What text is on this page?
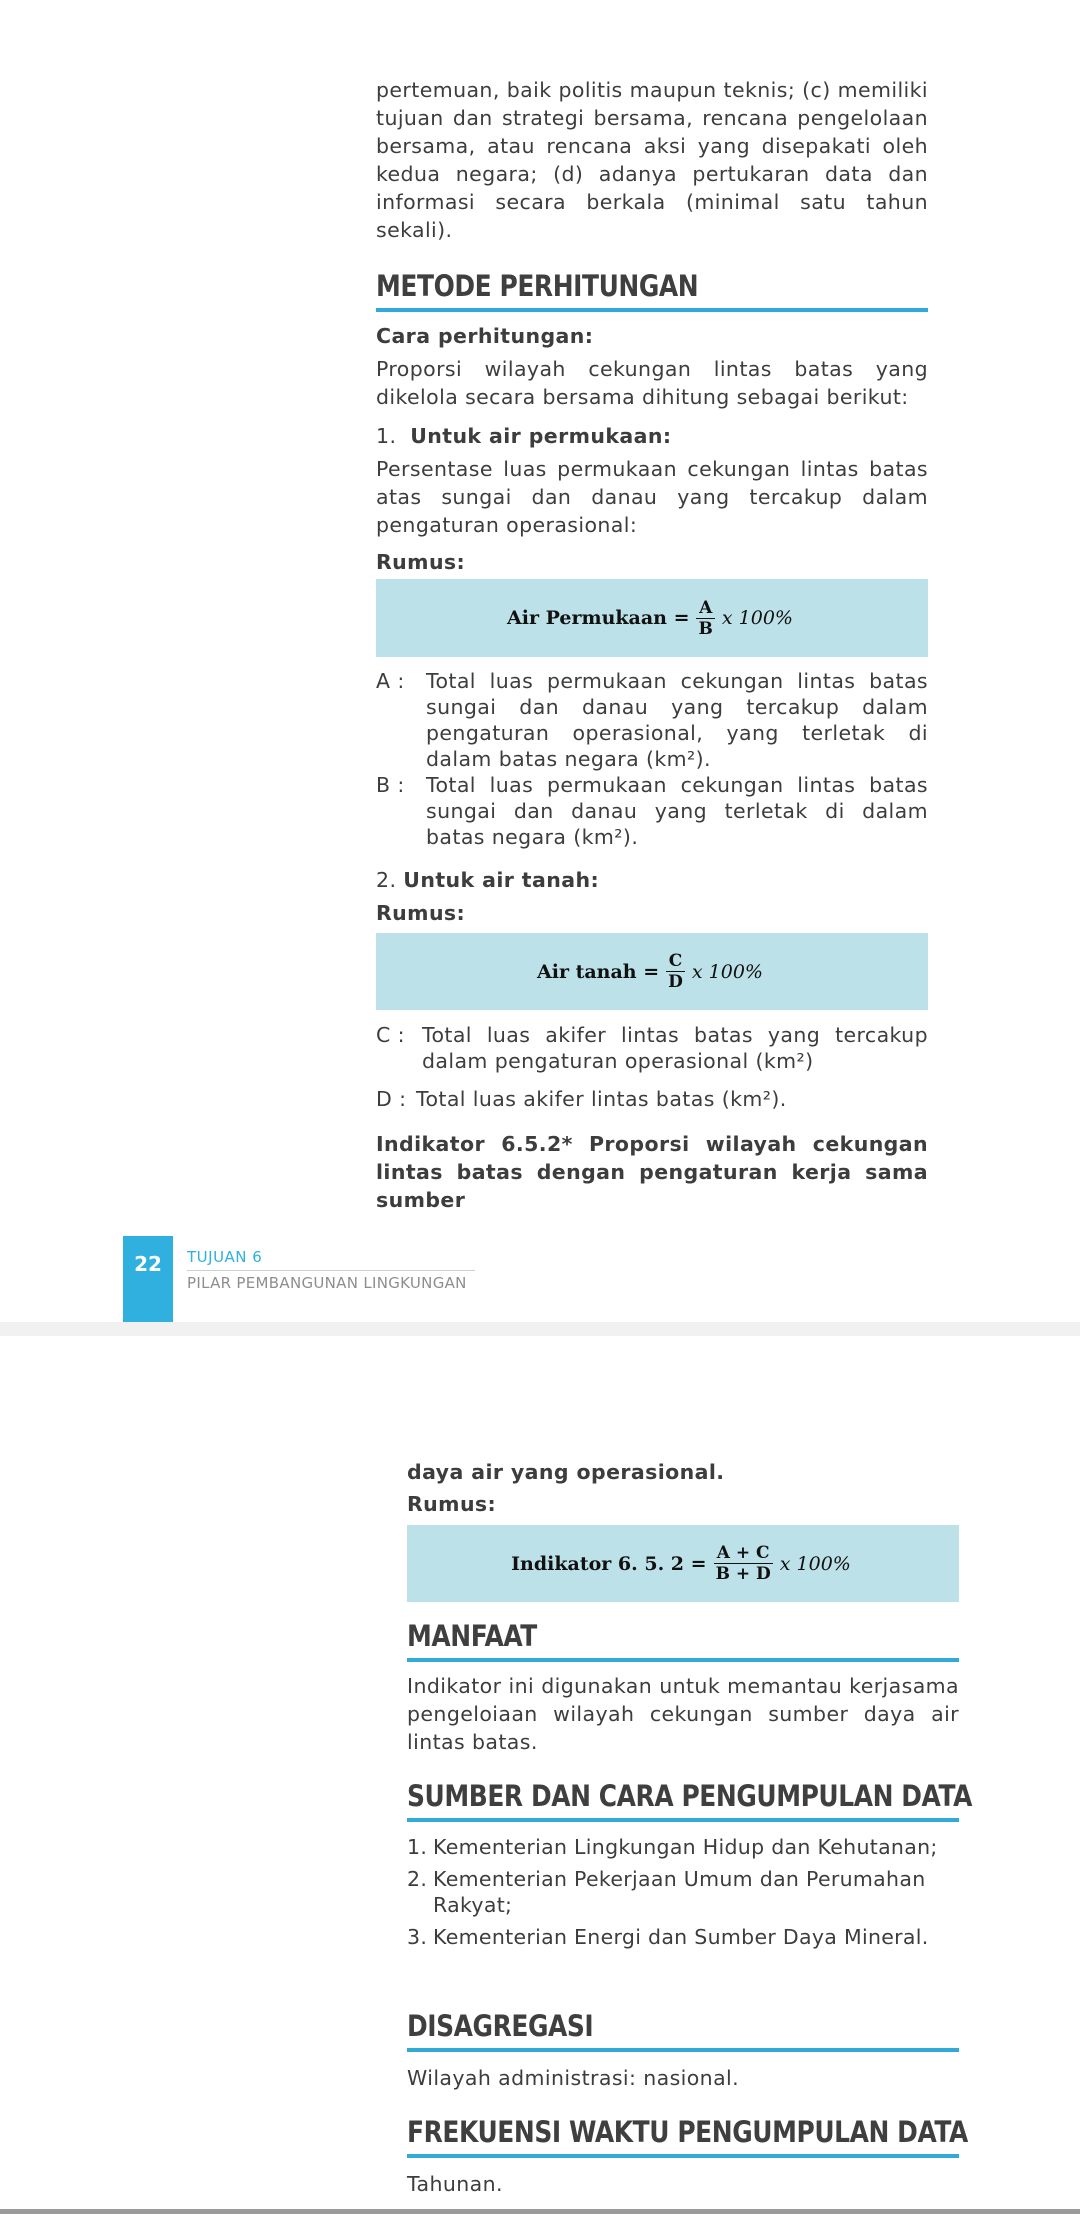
pertemuan, baik politis maupun teknis; (c) memiliki tujuan dan strategi bersama, rencana pengelolaan bersama, atau rencana aksi yang disepakati oleh kedua negara; (d) adanya pertukaran data dan informasi secara berkala (minimal satu tahun sekali).

METODE PERHITUNGAN

Cara perhitungan:

Proporsi wilayah cekungan lintas batas yang dikelola secara bersama dihitung sebagai berikut:

1. Untuk air permukaan:

Persentase luas permukaan cekungan lintas batas atas sungai dan danau yang tercakup dalam pengaturan operasional:

Rumus:

Air Permukaan = $\frac{A}{B}$ x 100%
A :	Total luas permukaan cekungan lintas batas sungai dan danau yang tercakup dalam pengaturan operasional, yang terletak di dalam batas negara (km²).
B :	Total luas permukaan cekungan lintas batas sungai dan danau yang terletak di dalam batas negara (km²).
2. Untuk air tanah:

Rumus:

Air tanah = $\frac{C}{D}$ x 100%
C : Total luas akifer lintas batas yang tercakup dalam pengaturan operasional (km²)
D : Total luas akifer lintas batas (km²).

Indikator 6.5.2* Proporsi wilayah cekungan lintas batas dengan pengaturan kerja sama sumber

22	TUJUAN 6
PILAR PEMBANGUNAN LINGKUNGAN

daya air yang operasional.

Rumus:

Indikator 6. 5. $2 = \frac{A + C}{B + D}$ x 100%
MANFAAT

Indikator ini digunakan untuk memantau kerjasama pengeloiaan wilayah cekungan sumber daya air lintas batas.

SUMBER DAN CARA PENGUMPULAN DATA
1. Kementerian Lingkungan Hidup dan Kehutanan;
2. Kementerian Pekerjaan Umum dan Perumahan Rakyat;
3. Kementerian Energi dan Sumber Daya Mineral.
DISAGREGASI

Wilayah administrasi: nasional.

FREKUENSI WAKTU PENGUMPULAN DATA

Tahunan.
